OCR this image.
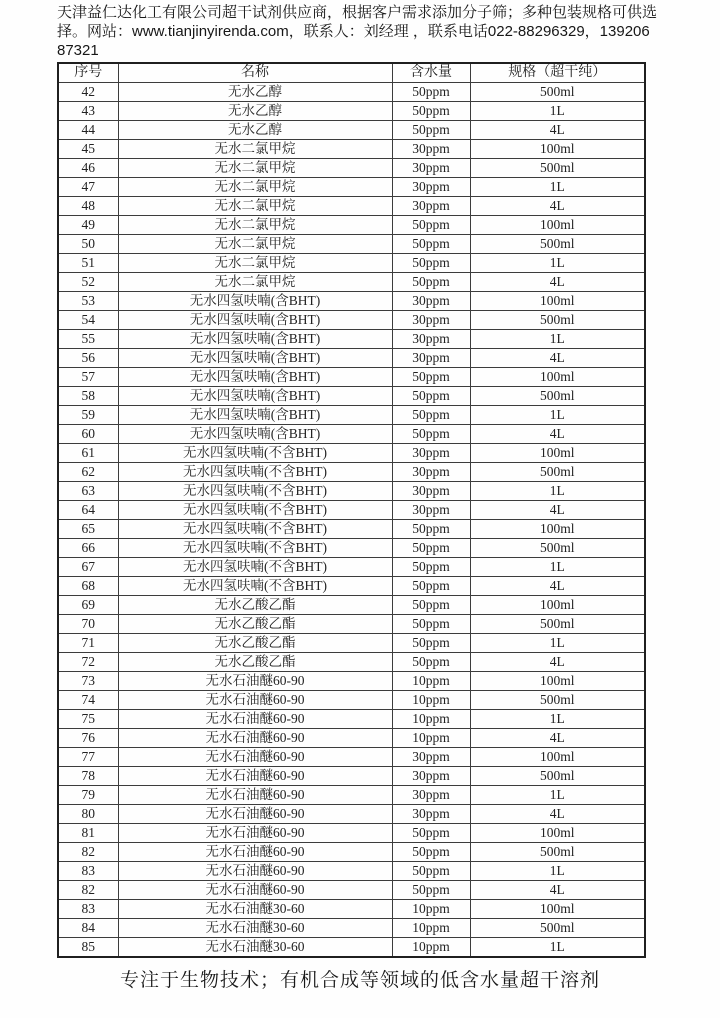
天津益仁达化工有限公司超干试剂供应商，根据客户需求添加分子筛；多种包装规格可供选择。网站：www.tianjinyirenda.com，联系人：刘经理 ，联系电话022-88296329，13920687321

序号	名称	含水量	规格（超干纯）
42	无水乙醇	50ppm	500ml
43	无水乙醇	50ppm	1L
44	无水乙醇	50ppm	4L
45	无水二氯甲烷	30ppm	100ml
46	无水二氯甲烷	30ppm	500ml
47	无水二氯甲烷	30ppm	1L
48	无水二氯甲烷	30ppm	4L
49	无水二氯甲烷	50ppm	100ml
50	无水二氯甲烷	50ppm	500ml
51	无水二氯甲烷	50ppm	1L
52	无水二氯甲烷	50ppm	4L
53	无水四氢呋喃(含BHT)	30ppm	100ml
54	无水四氢呋喃(含BHT)	30ppm	500ml
55	无水四氢呋喃(含BHT)	30ppm	1L
56	无水四氢呋喃(含BHT)	30ppm	4L
57	无水四氢呋喃(含BHT)	50ppm	100ml
58	无水四氢呋喃(含BHT)	50ppm	500ml
59	无水四氢呋喃(含BHT)	50ppm	1L
60	无水四氢呋喃(含BHT)	50ppm	4L
61	无水四氢呋喃(不含BHT)	30ppm	100ml
62	无水四氢呋喃(不含BHT)	30ppm	500ml
63	无水四氢呋喃(不含BHT)	30ppm	1L
64	无水四氢呋喃(不含BHT)	30ppm	4L
65	无水四氢呋喃(不含BHT)	50ppm	100ml
66	无水四氢呋喃(不含BHT)	50ppm	500ml
67	无水四氢呋喃(不含BHT)	50ppm	1L
68	无水四氢呋喃(不含BHT)	50ppm	4L
69	无水乙酸乙酯	50ppm	100ml
70	无水乙酸乙酯	50ppm	500ml
71	无水乙酸乙酯	50ppm	1L
72	无水乙酸乙酯	50ppm	4L
73	无水石油醚60-90	10ppm	100ml
74	无水石油醚60-90	10ppm	500ml
75	无水石油醚60-90	10ppm	1L
76	无水石油醚60-90	10ppm	4L
77	无水石油醚60-90	30ppm	100ml
78	无水石油醚60-90	30ppm	500ml
79	无水石油醚60-90	30ppm	1L
80	无水石油醚60-90	30ppm	4L
81	无水石油醚60-90	50ppm	100ml
82	无水石油醚60-90	50ppm	500ml
83	无水石油醚60-90	50ppm	1L
82	无水石油醚60-90	50ppm	4L
83	无水石油醚30-60	10ppm	100ml
84	无水石油醚30-60	10ppm	500ml
85	无水石油醚30-60	10ppm	1L
专注于生物技术；有机合成等领域的低含水量超干溶剂
